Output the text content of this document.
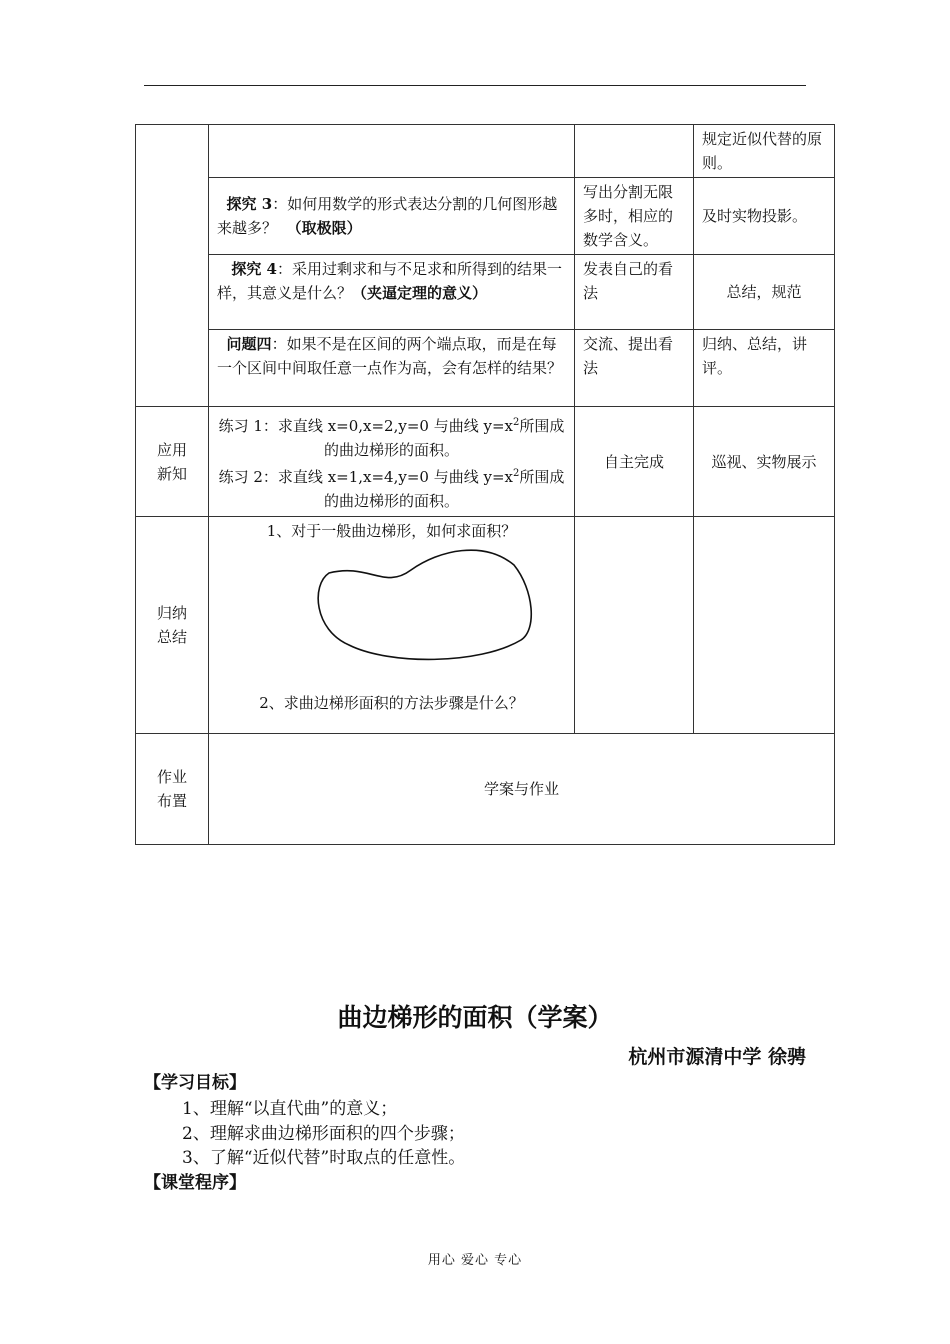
			规定近似代替的原则。
	探究 3：如何用数学的形式表达分割的几何图形越来越多？ （取极限）	写出分割无限多时，相应的数学含义。	及时实物投影。
	探究 4：采用过剩求和与不足求和所得到的结果一样，其意义是什么？（夹逼定理的意义）	发表自己的看法	总结，规范
	问题四：如果不是在区间的两个端点取，而是在每一个区间中间取任意一点作为高，会有怎样的结果？	交流、提出看法	归纳、总结，讲评。

应用新知	练习 1：求直线 x=0,x=2,y=0 与曲线 $y=x^2$所围成
的曲边梯形的面积。
练习 2：求直线 x=1,x=4,y=0 与曲线 $y=x^2$所围成
的曲边梯形的面积。	自主完成	巡视、实物展示

归纳总结	1、对于一般曲边梯形，如何求面积？
2、求曲边梯形面积的方法步骤是什么？		

作业布置	学案与作业		
曲边梯形的面积（学案）
杭州市源清中学 徐骋
【学习目标】
1、理解“以直代曲”的意义；
2、理解求曲边梯形面积的四个步骤；
3、了解“近似代替”时取点的任意性。
【课堂程序】
用心 爱心 专心
